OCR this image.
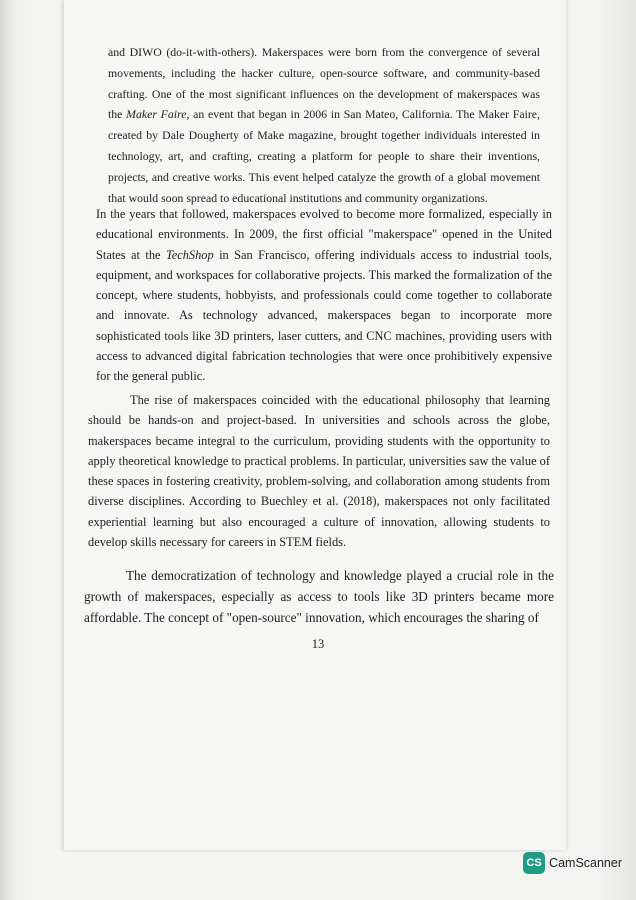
and DIWO (do-it-with-others). Makerspaces were born from the convergence of several movements, including the hacker culture, open-source software, and community-based crafting. One of the most significant influences on the development of makerspaces was the Maker Faire, an event that began in 2006 in San Mateo, California. The Maker Faire, created by Dale Dougherty of Make magazine, brought together individuals interested in technology, art, and crafting, creating a platform for people to share their inventions, projects, and creative works. This event helped catalyze the growth of a global movement that would soon spread to educational institutions and community organizations.

In the years that followed, makerspaces evolved to become more formalized, especially in educational environments. In 2009, the first official "makerspace" opened in the United States at the TechShop in San Francisco, offering individuals access to industrial tools, equipment, and workspaces for collaborative projects. This marked the formalization of the concept, where students, hobbyists, and professionals could come together to collaborate and innovate. As technology advanced, makerspaces began to incorporate more sophisticated tools like 3D printers, laser cutters, and CNC machines, providing users with access to advanced digital fabrication technologies that were once prohibitively expensive for the general public.

The rise of makerspaces coincided with the educational philosophy that learning should be hands-on and project-based. In universities and schools across the globe, makerspaces became integral to the curriculum, providing students with the opportunity to apply theoretical knowledge to practical problems. In particular, universities saw the value of these spaces in fostering creativity, problem-solving, and collaboration among students from diverse disciplines. According to Buechley et al. (2018), makerspaces not only facilitated experiential learning but also encouraged a culture of innovation, allowing students to develop skills necessary for careers in STEM fields.

The democratization of technology and knowledge played a crucial role in the growth of makerspaces, especially as access to tools like 3D printers became more affordable. The concept of "open-source" innovation, which encourages the sharing of

13
CS CamScanner
